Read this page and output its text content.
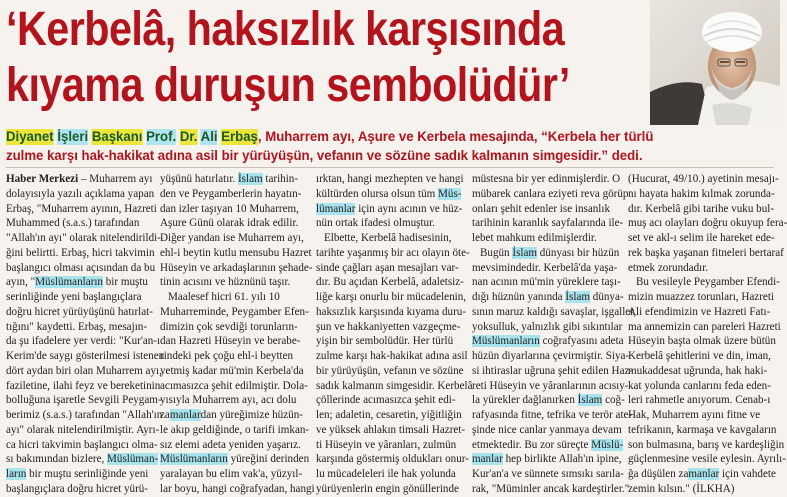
‘Kerbelâ, haksızlık karşısında
kıyama duruşun sembolüdür’
Diyanet İşleri Başkanı Prof. Dr. Ali Erbaş, Muharrem ayı, Aşure ve Kerbela mesajında, “Kerbela her türlü
zulme karşı hak-hakikat adına asil bir yürüyüşün, vefanın ve sözüne sadık kalmanın simgesidir.” dedi.
Haber Merkezi – Muharrem ayı
dolayısıyla yazılı açıklama yapan
Erbaş, "Muharrem ayının, Hazreti
Muhammed (s.a.s.) tarafından
"Allah'ın ayı" olarak nitelendirildi-
ğini belirtti. Erbaş, hicri takvimin
başlangıcı olması açısından da bu
ayın, "Müslümanların bir muştu
serinliğinde yeni başlangıçlara
doğru hicret yürüyüşünü hatırlat-
tığını" kaydetti. Erbaş, mesajın-
da şu ifadelere yer verdi: "Kur'an-ı
Kerim'de saygı gösterilmesi istenen
dört aydan biri olan Muharrem ayı,
faziletine, ilahi feyz ve bereketinin
bolluğuna işaretle Sevgili Peygam-
berimiz (s.a.s.) tarafından "Allah'ın
ayı" olarak nitelendirilmiştir. Ayrı-
ca hicri takvimin başlangıcı olma-
sı bakımından bizlere, Müslüman-
ların bir muştu serinliğinde yeni
başlangıçlara doğru hicret yürü-
yüşünü hatırlatır. İslam tarihin-
den ve Peygamberlerin hayatın-
dan izler taşıyan 10 Muharrem,
Aşure Günü olarak idrak edilir.
Diğer yandan ise Muharrem ayı,
ehl-i beytin kutlu mensubu Hazret
Hüseyin ve arkadaşlarının şehade-
tinin acısını ve hüznünü taşır.
Maalesef hicri 61. yılı 10
Muharreminde, Peygamber Efen-
dimizin çok sevdiği torunların-
dan Hazreti Hüseyin ve berabe-
rindeki pek çoğu ehl-i beytten
yetmiş kadar mü'min Kerbela'da
acımasızca şehit edilmiştir. Dola-
yısıyla Muharrem ayı, acı dolu
zamanlardan yüreğimize hüzün-
le akıp geldiğinde, o tarifi imkan-
sız elemi adeta yeniden yaşarız.
Müslümanların yüreğini derinden
yaralayan bu elim vak'a, yüzyıl-
lar boyu, hangi coğrafyadan, hangi
ırktan, hangi mezhepten ve hangi
kültürden olursa olsun tüm Müs-
lümanlar için aynı acının ve hüz-
nün ortak ifadesi olmuştur.
Elbette, Kerbelâ hadisesinin,
tarihte yaşanmış bir acı olayın öte-
sinde çağları aşan mesajları var-
dır. Bu açıdan Kerbelâ, adaletsiz-
liğe karşı onurlu bir mücadelenin,
haksızlık karşısında kıyama duru-
şun ve hakkaniyetten vazgeçme-
yişin bir sembolüdür. Her türlü
zulme karşı hak-hakikat adına asil
bir yürüyüşün, vefanın ve sözüne
sadık kalmanın simgesidir. Kerbelâ
çöllerinde acımasızca şehit edi-
len; adaletin, cesaretin, yiğitliğin
ve yüksek ahlakın timsali Hazret-
ti Hüseyin ve yâranları, zulmün
karşında göstermiş oldukları onur-
lu mücadeleleri ile hak yolunda
yürüyenlerin engin gönüllerinde
müstesna bir yer edinmişlerdir. O
mübarek canlara eziyeti reva görüp
onları şehit edenler ise insanlık
tarihinin karanlık sayfalarında ile-
lebet mahkum edilmişlerdir.
Bugün İslam dünyası bir hüzün
mevsimindedir. Kerbelâ'da yaşa-
nan acının mü'min yüreklere taşı-
dığı hüznün yanında İslam dünya-
sının maruz kaldığı savaşlar, işgaller,
yoksulluk, yalnızlık gibi sıkıntılar
Müslümanların coğrafyasını adeta
hüzün diyarlarına çevirmiştir. Siya-
si ihtiraslar uğruna şehit edilen Haz-
reti Hüseyin ve yâranlarının acısıy-
la yürekler dağlanırken İslam coğ-
rafyasında fitne, tefrika ve terör ate-
şinde nice canlar yanmaya devam
etmektedir. Bu zor süreçte Müslü-
manlar hep birlikte Allah'ın ipine,
Kur'an'a ve sünnete sımsıkı sarıla-
rak, "Müminler ancak kardeştirler."
(Hucurat, 49/10.) ayetinin mesajı-
nı hayata hakim kılmak zorunda-
dır. Kerbelâ gibi tarihe vuku bul-
muş acı olayları doğru okuyup fera-
set ve akl-ı selim ile hareket ede-
rek başka yaşanan fitneleri bertaraf
etmek zorundadır.
Bu vesileyle Peygamber Efendi-
mizin muazzez torunları, Hazreti
Ali efendimizin ve Hazreti Fatı-
ma annemizin can pareleri Hazreti
Hüseyin başta olmak üzere bütün
Kerbelâ şehitlerini ve din, iman,
mukaddesat uğrunda, hak haki-
kat yolunda canlarını feda eden-
leri rahmetle anıyorum. Cenab-ı
Hak, Muharrem ayını fitne ve
tefrikanın, karmaşa ve kavgaların
son bulmasına, barış ve kardeşliğin
güçlenmesine vesile eylesin. Ayrılı-
ğa düşülen zamanlar için vahdete
zemin kılsın." (İLKHA)
